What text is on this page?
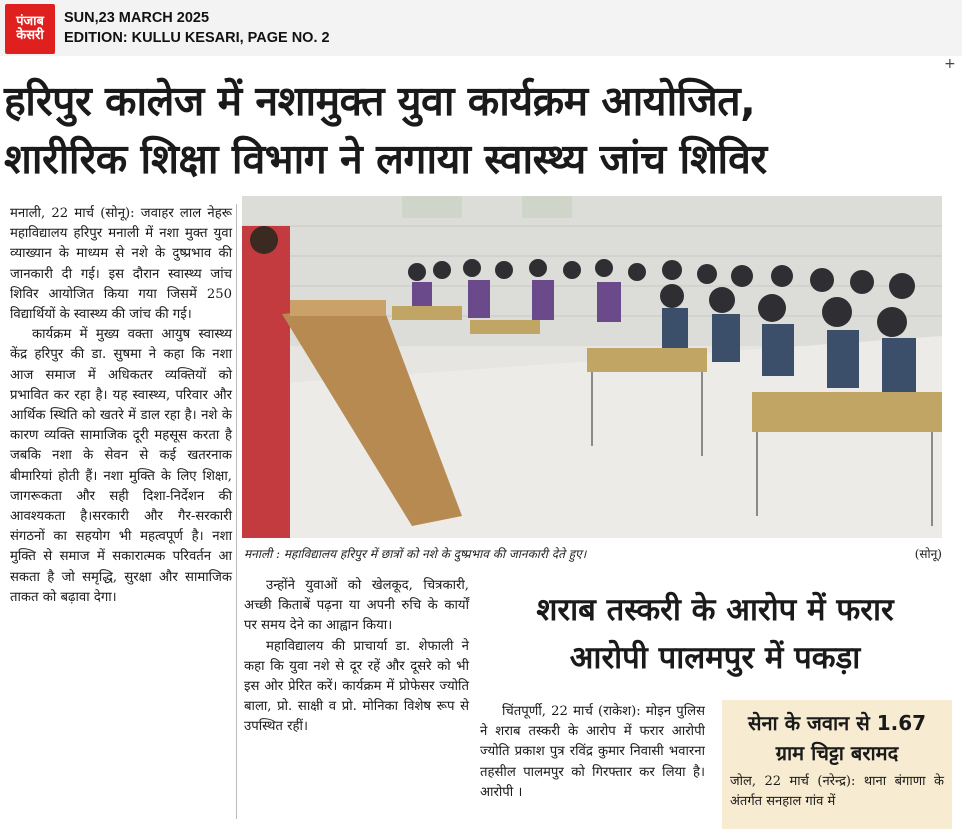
पंजाब
केसरी
SUN,23 MARCH 2025
EDITION: KULLU KESARI, PAGE NO. 2
+
हरिपुर कालेज में नशामुक्त युवा कार्यक्रम आयोजित,
शारीरिक शिक्षा विभाग ने लगाया स्वास्थ्य जांच शिविर

मनाली, 22 मार्च (सोनू): जवाहर लाल नेहरू महाविद्यालय हरिपुर मनाली में नशा मुक्त युवा व्याख्यान के माध्यम से नशे के दुष्प्रभाव की जानकारी दी गई। इस दौरान स्वास्थ्य जांच शिविर आयोजित किया गया जिसमें 250 विद्यार्थियों के स्वास्थ्य की जांच की गई।

कार्यक्रम में मुख्य वक्ता आयुष स्वास्थ्य केंद्र हरिपुर की डा. सुषमा ने कहा कि नशा आज समाज में अधिकतर व्यक्तियों को प्रभावित कर रहा है। यह स्वास्थ्य, परिवार और आर्थिक स्थिति को खतरे में डाल रहा है। नशे के कारण व्यक्ति सामाजिक दूरी महसूस करता है जबकि नशा के सेवन से कई खतरनाक बीमारियां होती हैं। नशा मुक्ति के लिए शिक्षा, जागरूकता और सही दिशा-निर्देशन की आवश्यकता है।सरकारी और गैर-सरकारी संगठनों का सहयोग भी महत्वपूर्ण है। नशा मुक्ति से समाज में सकारात्मक परिवर्तन आ सकता है जो समृद्धि, सुरक्षा और सामाजिक ताकत को बढ़ावा देगा।

मनाली : महाविद्यालय हरिपुर में छात्रों को नशे के दुष्प्रभाव की जानकारी देते हुए।	(सोनू)

उन्होंने युवाओं को खेलकूद, चित्रकारी, अच्छी किताबें पढ़ना या अपनी रुचि के कार्यों पर समय देने का आह्वान किया।

महाविद्यालय की प्राचार्या डा. शेफाली ने कहा कि युवा नशे से दूर रहें और दूसरे को भी इस ओर प्रेरित करें। कार्यक्रम में प्रोफेसर ज्योति बाला, प्रो. साक्षी व प्रो. मोनिका विशेष रूप से उपस्थित रहीं।

शराब तस्करी के आरोप में फरार
आरोपी पालमपुर में पकड़ा

चिंतपूर्णी, 22 मार्च (राकेश): मोइन पुलिस ने शराब तस्करी के आरोप में फरार आरोपी ज्योति प्रकाश पुत्र रविंद्र कुमार निवासी भवारना तहसील पालमपुर को गिरफ्तार कर लिया है। आरोपी ।

सेना के जवान से 1.67
ग्राम चिट्टा बरामद
जोल, 22 मार्च (नरेन्द्र): थाना बंगाणा के अंतर्गत सनहाल गांव में
